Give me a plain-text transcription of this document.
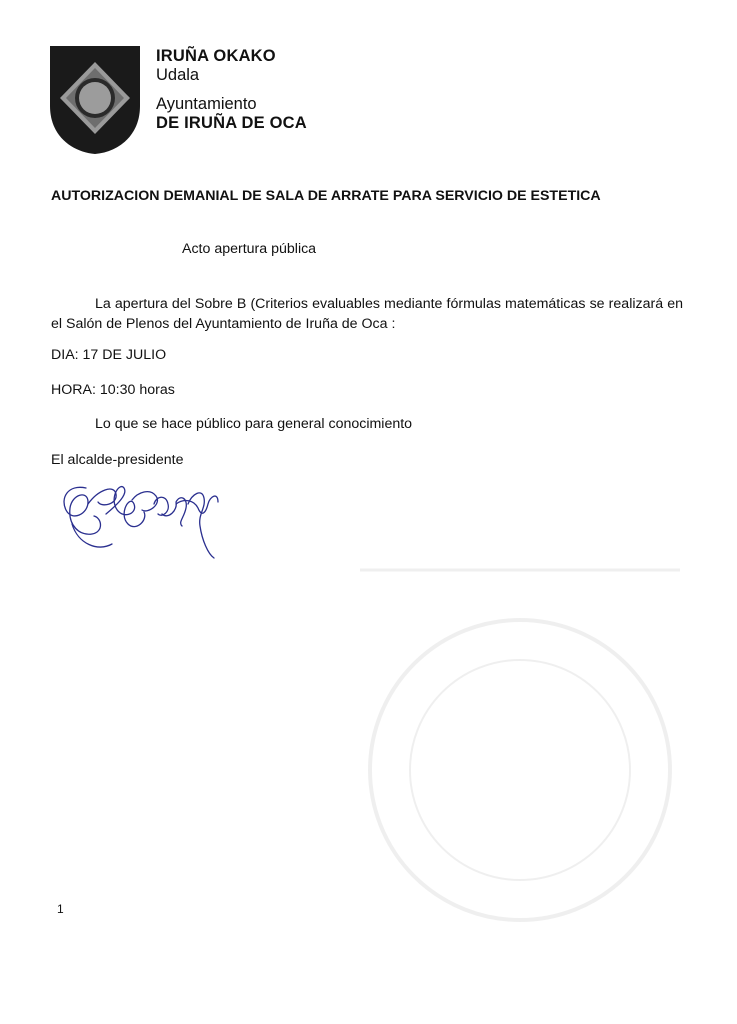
IRUÑA OKAKO
Udala
Ayuntamiento
DE IRUÑA DE OCA
AUTORIZACION DEMANIAL DE SALA DE ARRATE PARA SERVICIO DE ESTETICA
Acto apertura pública
La apertura del Sobre B (Criterios evaluables mediante fórmulas matemáticas se realizará en el Salón de Plenos del Ayuntamiento de Iruña de Oca :
DIA: 17 DE JULIO
HORA: 10:30 horas
Lo que se hace público para general conocimiento
El alcalde-presidente
1
